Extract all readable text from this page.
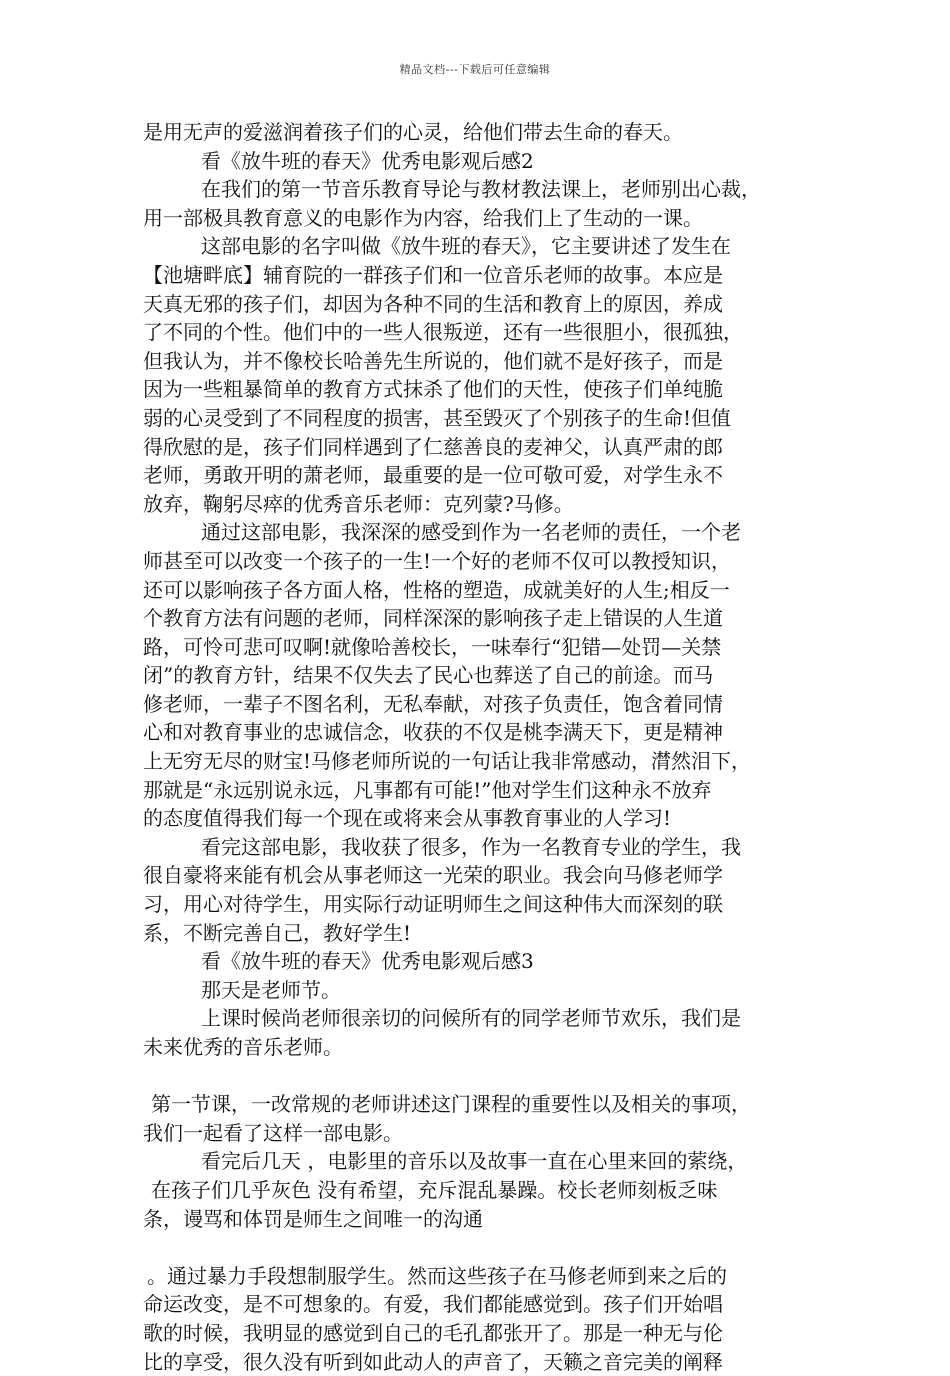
精品文档---下载后可任意编辑
是用无声的爱滋润着孩子们的心灵，给他们带去生命的春天。
看《放牛班的春天》优秀电影观后感2
在我们的第一节音乐教育导论与教材教法课上，老师别出心裁，
用一部极具教育意义的电影作为内容，给我们上了生动的一课。
这部电影的名字叫做《放牛班的春天》，它主要讲述了发生在
【池塘畔底】辅育院的一群孩子们和一位音乐老师的故事。本应是
天真无邪的孩子们，却因为各种不同的生活和教育上的原因，养成
了不同的个性。他们中的一些人很叛逆，还有一些很胆小，很孤独，
但我认为，并不像校长哈善先生所说的，他们就不是好孩子，而是
因为一些粗暴简单的教育方式抹杀了他们的天性，使孩子们单纯脆
弱的心灵受到了不同程度的损害，甚至毁灭了个别孩子的生命!但值
得欣慰的是，孩子们同样遇到了仁慈善良的麦神父，认真严肃的郎
老师，勇敢开明的萧老师，最重要的是一位可敬可爱，对学生永不
放弃，鞠躬尽瘁的优秀音乐老师：克列蒙?马修。
通过这部电影，我深深的感受到作为一名老师的责任，一个老
师甚至可以改变一个孩子的一生!一个好的老师不仅可以教授知识，
还可以影响孩子各方面人格，性格的塑造，成就美好的人生;相反一
个教育方法有问题的老师，同样深深的影响孩子走上错误的人生道
路，可怜可悲可叹啊!就像哈善校长，一味奉行“犯错—处罚—关禁
闭”的教育方针，结果不仅失去了民心也葬送了自己的前途。而马
修老师，一辈子不图名利，无私奉献，对孩子负责任，饱含着同情
心和对教育事业的忠诚信念，收获的不仅是桃李满天下，更是精神
上无穷无尽的财宝!马修老师所说的一句话让我非常感动，潸然泪下，
那就是“永远别说永远，凡事都有可能!”他对学生们这种永不放弃
的态度值得我们每一个现在或将来会从事教育事业的人学习!
看完这部电影，我收获了很多，作为一名教育专业的学生，我
很自豪将来能有机会从事老师这一光荣的职业。我会向马修老师学
习，用心对待学生，用实际行动证明师生之间这种伟大而深刻的联
系，不断完善自己，教好学生!
看《放牛班的春天》优秀电影观后感3
那天是老师节。
上课时候尚老师很亲切的问候所有的同学老师节欢乐，我们是
未来优秀的音乐老师。
第一节课，一改常规的老师讲述这门课程的重要性以及相关的事项，
我们一起看了这样一部电影。
看完后几天 ，电影里的音乐以及故事一直在心里来回的萦绕，
在孩子们几乎灰色 没有希望，充斥混乱暴躁。校长老师刻板乏味
条，谩骂和体罚是师生之间唯一的沟通
。通过暴力手段想制服学生。然而这些孩子在马修老师到来之后的
命运改变，是不可想象的。有爱，我们都能感觉到。孩子们开始唱
歌的时候，我明显的感觉到自己的毛孔都张开了。那是一种无与伦
比的享受，很久没有听到如此动人的声音了，天籁之音完美的阐释
